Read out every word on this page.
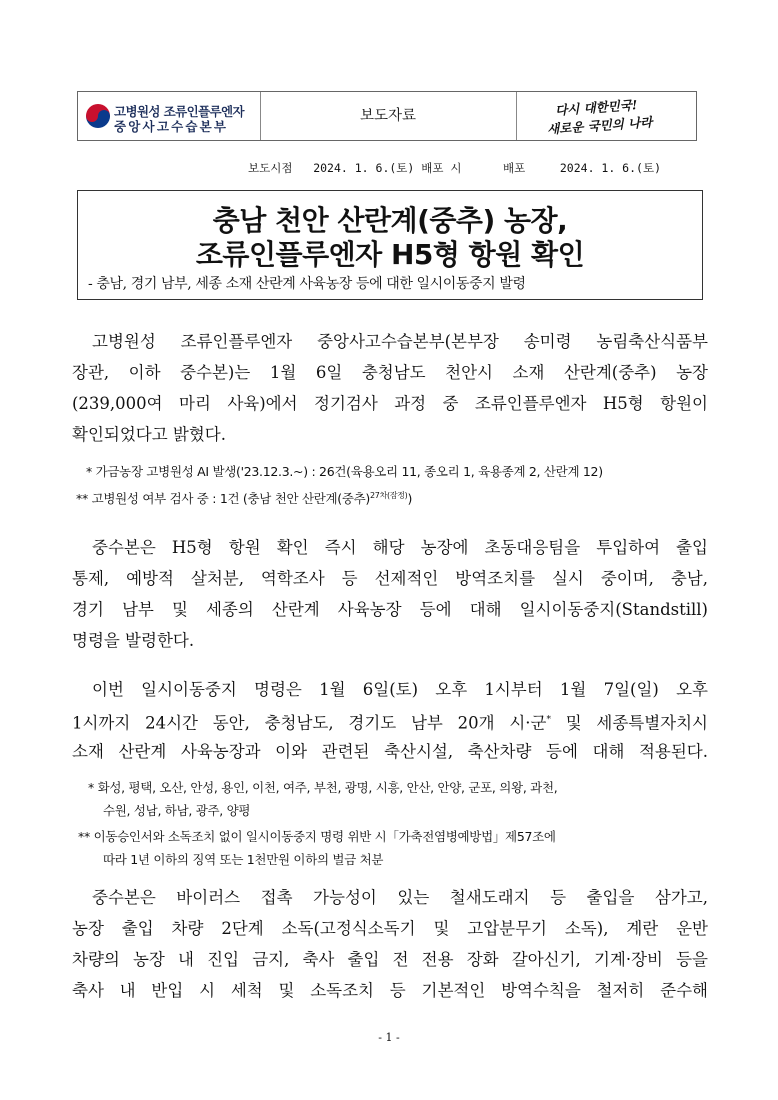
고병원성 조류인플루엔자
중앙사고수습본부
보도자료	다시 대한민국!
새로운 국민의 나라
보도시점   2024. 1. 6.(토) 배포 시      배포     2024. 1. 6.(토)
충남 천안 산란계(중추) 농장,
조류인플루엔자 H5형 항원 확인
- 충남, 경기 남부, 세종 소재 산란계 사육농장 등에 대한 일시이동중지 발령
고병원성 조류인플루엔자 중앙사고수습본부(본부장 송미령 농림축산식품부
장관, 이하 중수본)는 1월 6일 충청남도 천안시 소재 산란계(중추) 농장
(239,000여 마리 사육)에서 정기검사 과정 중 조류인플루엔자 H5형 항원이
확인되었다고 밝혔다.
* 가금농장 고병원성 AI 발생('23.12.3.~) : 26건(육용오리 11, 종오리 1, 육용종계 2, 산란계 12)
** 고병원성 여부 검사 중 : 1건 (충남 천안 산란계(중추)$^{27차(잠정)}$)
중수본은 H5형 항원 확인 즉시 해당 농장에 초동대응팀을 투입하여 출입
통제, 예방적 살처분, 역학조사 등 선제적인 방역조치를 실시 중이며, 충남,
경기 남부 및 세종의 산란계 사육농장 등에 대해 일시이동중지(Standstill)
명령을 발령한다.
이번 일시이동중지 명령은 1월 6일(토) 오후 1시부터 1월 7일(일) 오후
1시까지 24시간 동안, 충청남도, 경기도 남부 20개 시·군* 및 세종특별자치시
소재 산란계 사육농장과 이와 관련된 축산시설, 축산차량 등에 대해 적용된다.
* 화성, 평택, 오산, 안성, 용인, 이천, 여주, 부천, 광명, 시흥, 안산, 안양, 군포, 의왕, 과천,
수원, 성남, 하남, 광주, 양평
** 이동승인서와 소독조치 없이 일시이동중지 명령 위반 시「가축전염병예방법」제57조에
따라 1년 이하의 징역 또는 1천만원 이하의 벌금 처분
중수본은 바이러스 접촉 가능성이 있는 철새도래지 등 출입을 삼가고,
농장 출입 차량 2단계 소독(고정식소독기 및 고압분무기 소독), 계란 운반
차량의 농장 내 진입 금지, 축사 출입 전 전용 장화 갈아신기, 기계·장비 등을
축사 내 반입 시 세척 및 소독조치 등 기본적인 방역수칙을 철저히 준수해
- 1 -
